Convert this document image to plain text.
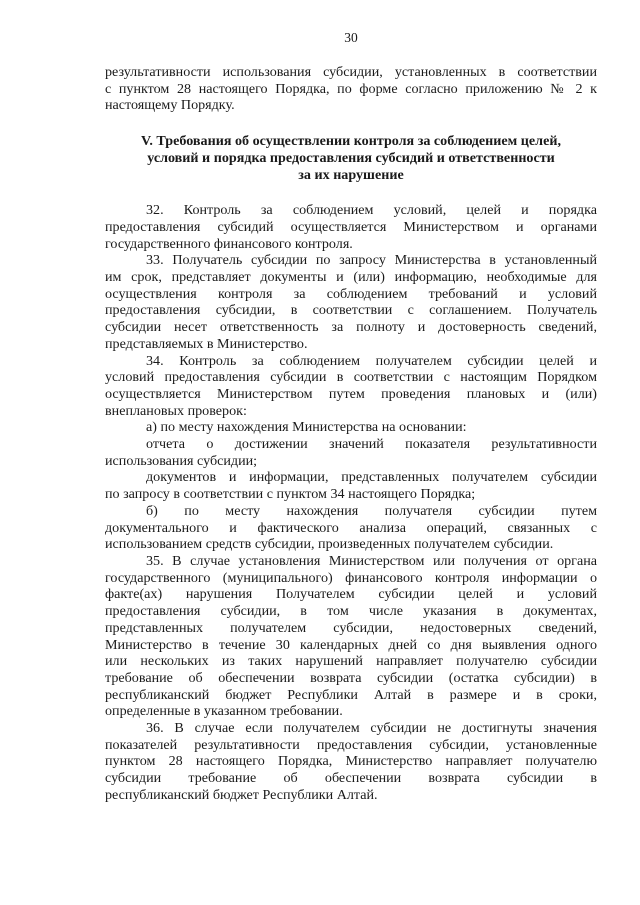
30

результативности использования субсидии, установленных в соответствии

с пунктом 28 настоящего Порядка, по форме согласно приложению № 2 к

настоящему Порядку.

V. Требования об осуществлении контроля за соблюдением целей,
условий и порядка предоставления субсидий и ответственности
за их нарушение

32. Контроль за соблюдением условий, целей и порядка

предоставления субсидий осуществляется Министерством и органами

государственного финансового контроля.

33. Получатель субсидии по запросу Министерства в установленный

им срок, представляет документы и (или) информацию, необходимые для

осуществления контроля за соблюдением требований и условий

предоставления субсидии, в соответствии с соглашением. Получатель

субсидии несет ответственность за полноту и достоверность сведений,

представляемых в Министерство.

34. Контроль за соблюдением получателем субсидии целей и

условий предоставления субсидии в соответствии с настоящим Порядком

осуществляется Министерством путем проведения плановых и (или)

внеплановых проверок:

а) по месту нахождения Министерства на основании:

отчета о достижении значений показателя результативности

использования субсидии;

документов и информации, представленных получателем субсидии

по запросу в соответствии с пунктом 34 настоящего Порядка;

б) по месту нахождения получателя субсидии путем

документального и фактического анализа операций, связанных с

использованием средств субсидии, произведенных получателем субсидии.

35. В случае установления Министерством или получения от органа

государственного (муниципального) финансового контроля информации о

факте(ах) нарушения Получателем субсидии целей и условий

предоставления субсидии, в том числе указания в документах,

представленных получателем субсидии, недостоверных сведений,

Министерство в течение 30 календарных дней со дня выявления одного

или нескольких из таких нарушений направляет получателю субсидии

требование об обеспечении возврата субсидии (остатка субсидии) в

республиканский бюджет Республики Алтай в размере и в сроки,

определенные в указанном требовании.

36. В случае если получателем субсидии не достигнуты значения

показателей результативности предоставления субсидии, установленные

пунктом 28 настоящего Порядка, Министерство направляет получателю

субсидии требование об обеспечении возврата субсидии в

республиканский бюджет Республики Алтай.
